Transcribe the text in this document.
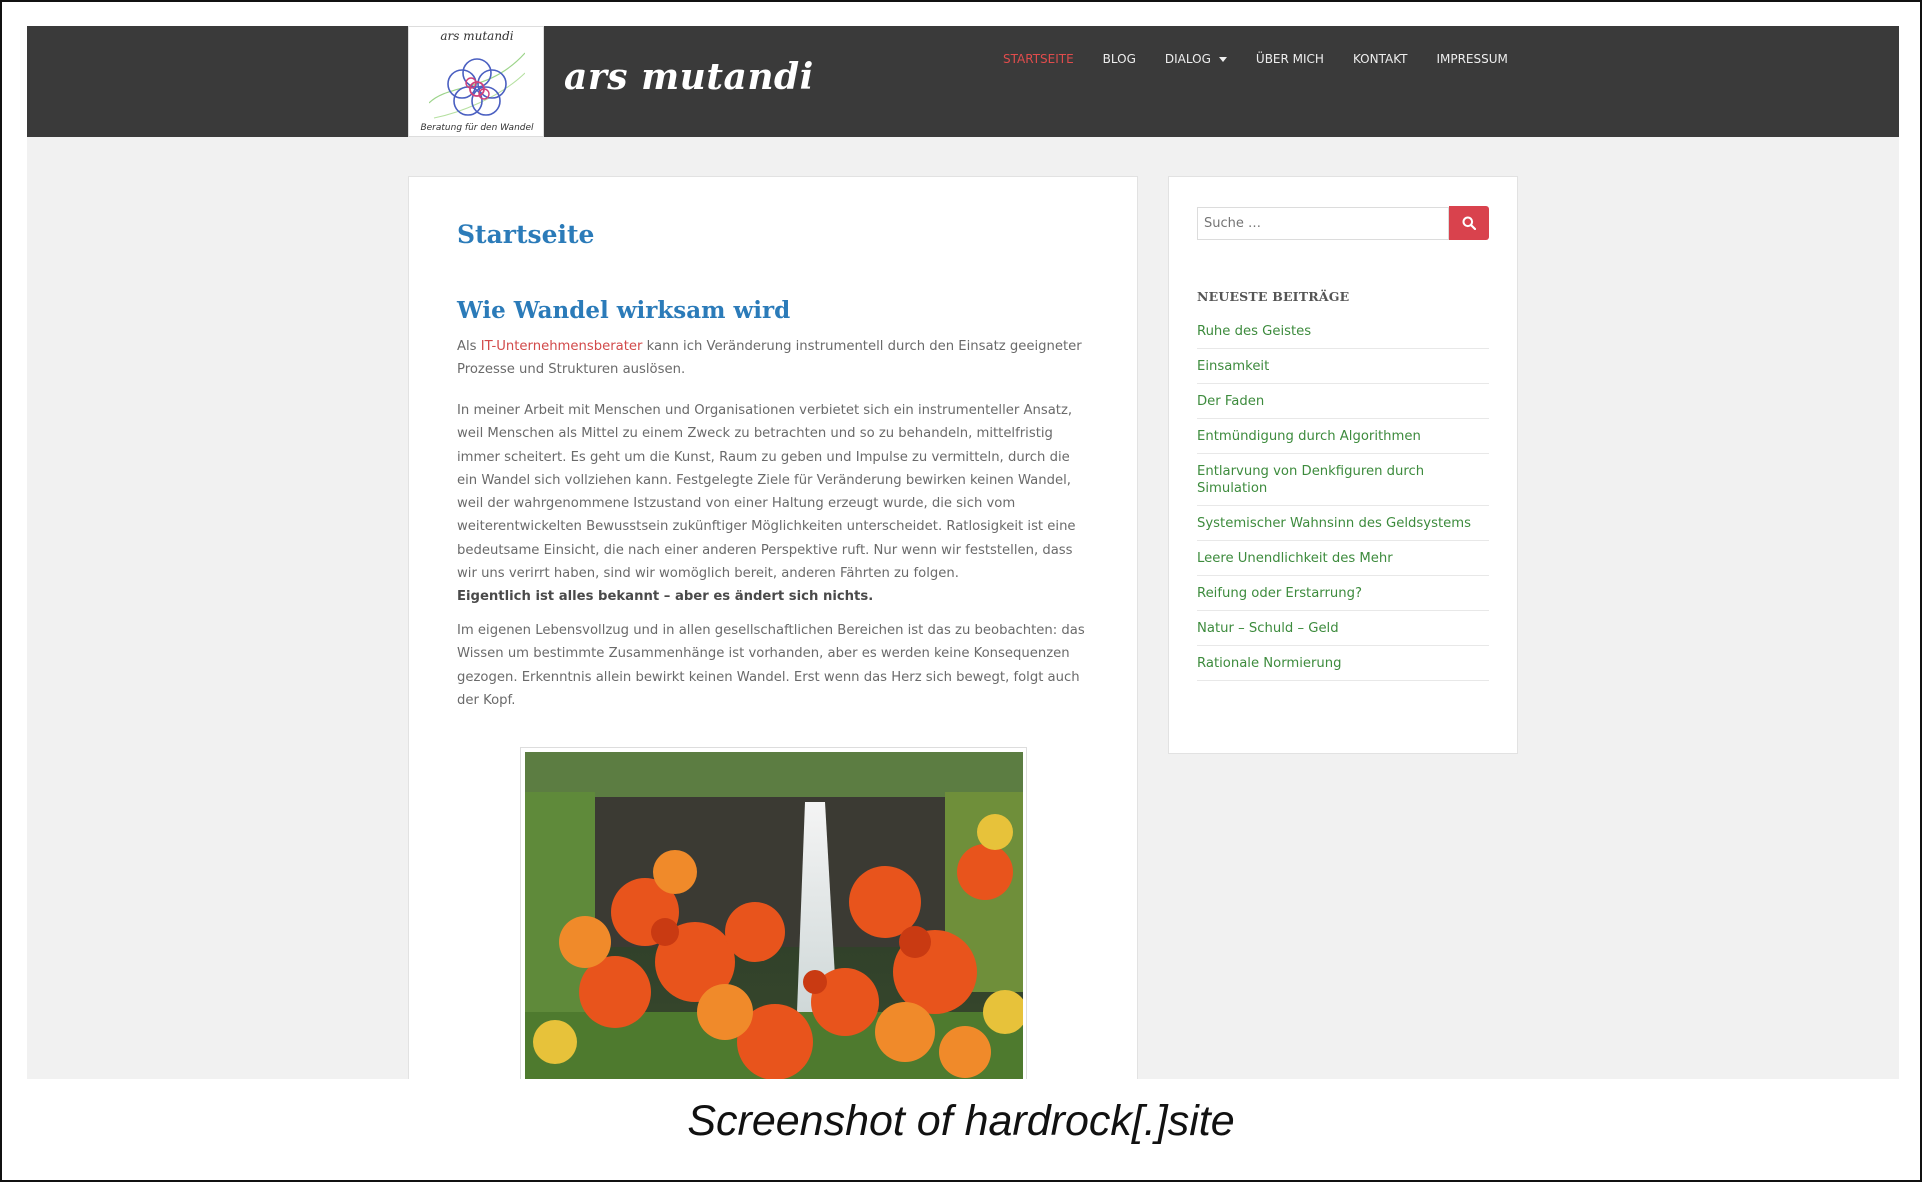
ars mutandi
Beratung für den Wandel
ars mutandi	STARTSEITE BLOG DIALOG	ÜBER MICH KONTAKT IMPRESSUM
Startseite
Wie Wandel wirksam wird

Als IT-Unternehmensberater kann ich Veränderung instrumentell durch den Einsatz geeigneter Prozesse und Strukturen auslösen.

In meiner Arbeit mit Menschen und Organisationen verbietet sich ein instrumenteller Ansatz, weil Menschen als Mittel zu einem Zweck zu betrachten und so zu behandeln, mittelfristig immer scheitert. Es geht um die Kunst, Raum zu geben und Impulse zu vermitteln, durch die ein Wandel sich vollziehen kann. Festgelegte Ziele für Veränderung bewirken keinen Wandel, weil der wahrgenommene Istzustand von einer Haltung erzeugt wurde, die sich vom weiterentwickelten Bewusstsein zukünftiger Möglichkeiten unterscheidet. Ratlosigkeit ist eine bedeutsame Einsicht, die nach einer anderen Perspektive ruft. Nur wenn wir feststellen, dass wir uns verirrt haben, sind wir womöglich bereit, anderen Fährten zu folgen.

Eigentlich ist alles bekannt – aber es ändert sich nichts.

Im eigenen Lebensvollzug und in allen gesellschaftlichen Bereichen ist das zu beobachten: das Wissen um bestimmte Zusammenhänge ist vorhanden, aber es werden keine Konsequenzen gezogen. Erkenntnis allein bewirkt keinen Wandel. Erst wenn das Herz sich bewegt, folgt auch der Kopf.

Suche …
NEUESTE BEITRÄGE
Ruhe des Geistes
Einsamkeit
Der Faden
Entmündigung durch Algorithmen
Entlarvung von Denkfiguren durch Simulation
Systemischer Wahnsinn des Geldsystems
Leere Unendlichkeit des Mehr
Reifung oder Erstarrung?
Natur – Schuld – Geld
Rationale Normierung
Screenshot of hardrock[.]site
